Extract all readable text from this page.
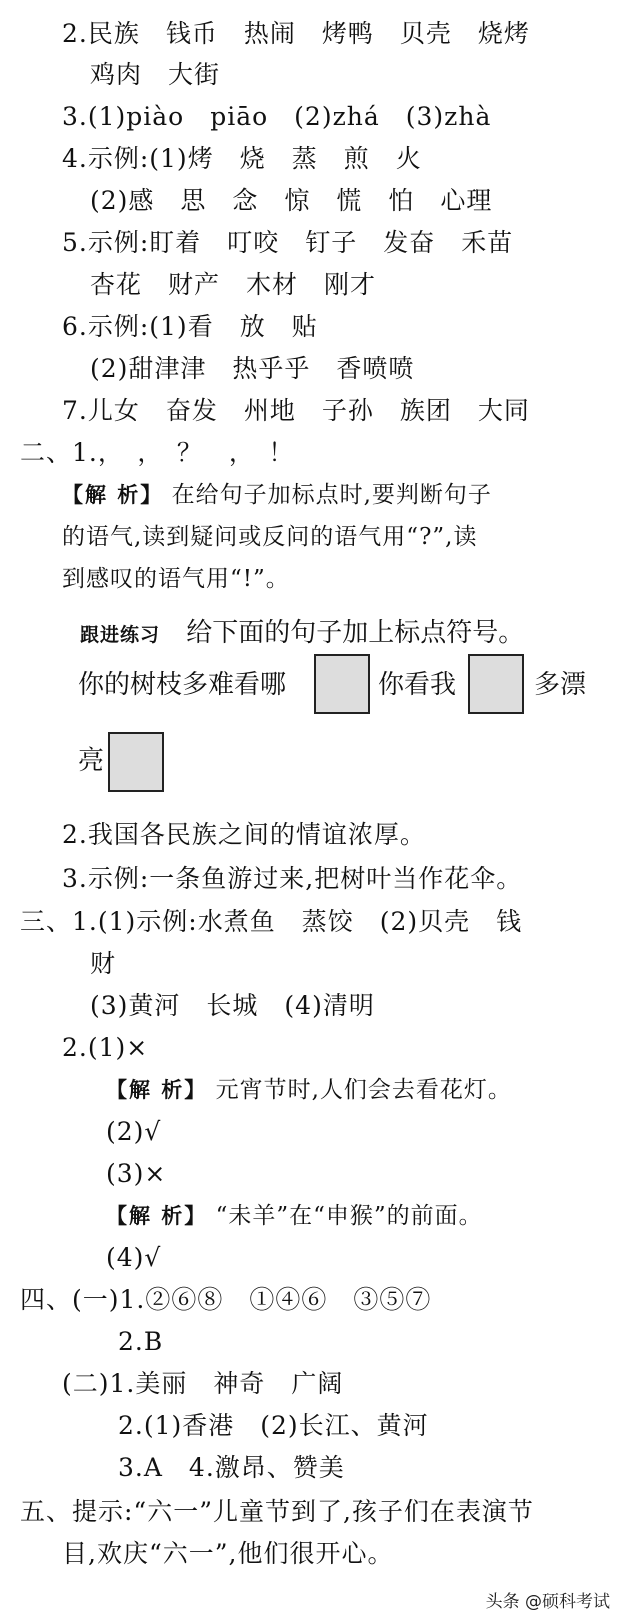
2.民族　钱币　热闹　烤鸭　贝壳　烧烤
鸡肉　大街
3.(1)piào　piāo　(2)zhá　(3)zhà
4.示例:(1)烤　烧　蒸　煎　火
(2)感　思　念　惊　慌　怕　心理
5.示例:盯着　叮咬　钉子　发奋　禾苗
杏花　财产　木材　刚才
6.示例:(1)看　放　贴
(2)甜津津　热乎乎　香喷喷
7.儿女　奋发　州地　子孙　族团　大同
二、1.，　，　？　，　！
【解 析】 在给句子加标点时,要判断句子
的语气,读到疑问或反问的语气用“?”,读
到感叹的语气用“!”。
跟进练习 给下面的句子加上标点符号。
你的树枝多难看哪	你看我	多漂
亮
2.我国各民族之间的情谊浓厚。
3.示例:一条鱼游过来,把树叶当作花伞。
三、1.(1)示例:水煮鱼　蒸饺　(2)贝壳　钱
财
(3)黄河　长城　(4)清明
2.(1)×
【解 析】 元宵节时,人们会去看花灯。
(2)√
(3)×
【解 析】 “未羊”在“申猴”的前面。
(4)√
四、(一)1.②⑥⑧　①④⑥　③⑤⑦
2.B
(二)1.美丽　神奇　广阔
2.(1)香港　(2)长江、黄河
3.A　4.激昂、赞美
五、提示:“六一”儿童节到了,孩子们在表演节
目,欢庆“六一”,他们很开心。
头条 @硕科考试
